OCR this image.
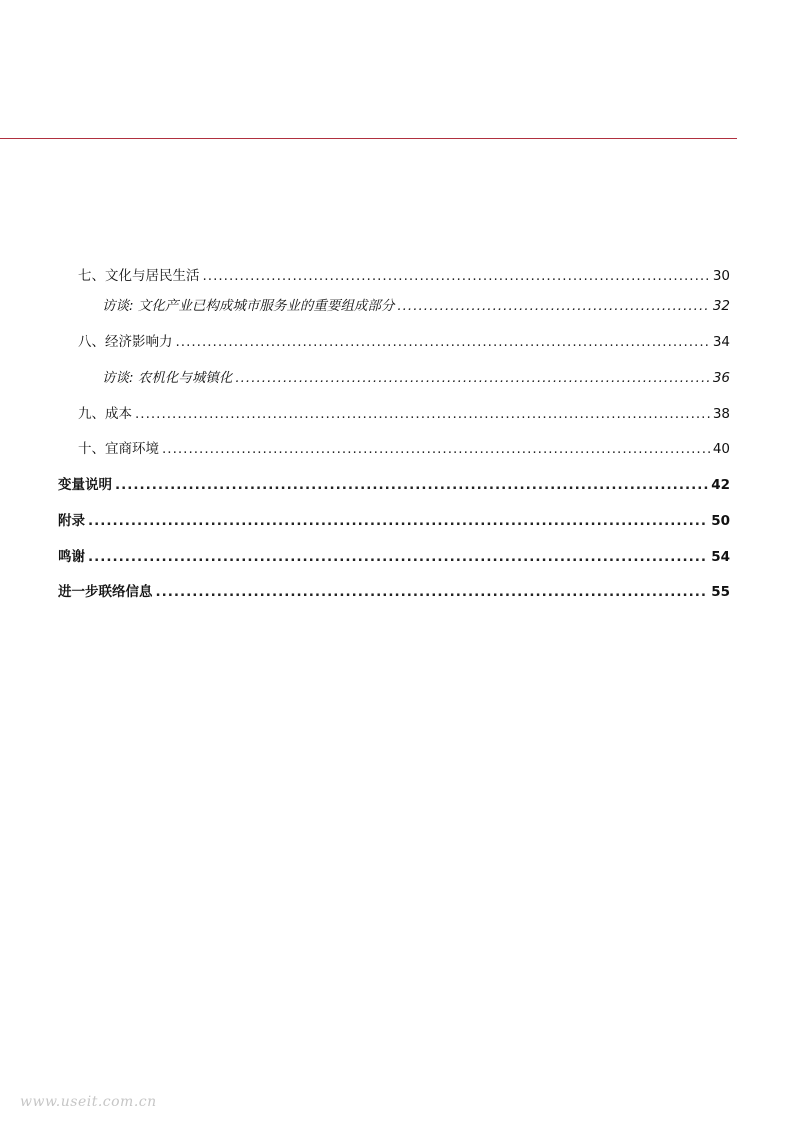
七、文化与居民生活 .....	30
访谈: 文化产业已构成城市服务业的重要组成部分 .....	32
八、经济影响力 .....	34
访谈: 农机化与城镇化 .....	36
九、成本 .....	38
十、宜商环境 .....	40
变量说明 .....	42
附录 .....	50
鸣谢 .....	54
进一步联络信息 .....	55
www.useit.com.cn
